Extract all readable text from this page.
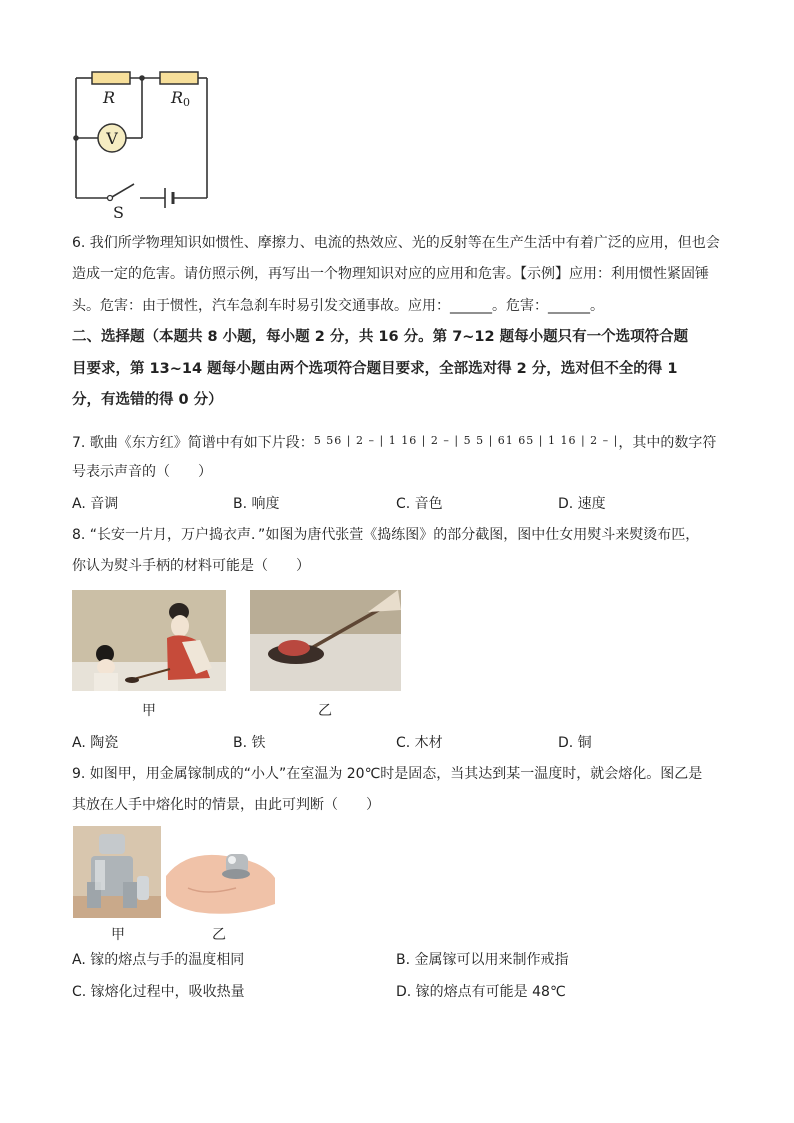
V
R	R0
S
6. 我们所学物理知识如惯性、摩擦力、电流的热效应、光的反射等在生产生活中有着广泛的应用，但也会
造成一定的危害。请仿照示例，再写出一个物理知识对应的应用和危害。【示例】应用：利用惯性紧固锤
头。危害：由于惯性，汽车急刹车时易引发交通事故。应用：______。危害：______。
二、选择题（本题共 8 小题，每小题 2 分，共 16 分。第 7~12 题每小题只有一个选项符合题
目要求，第 13~14 题每小题由两个选项符合题目要求，全部选对得 2 分，选对但不全的得 1
分，有选错的得 0 分）
7. 歌曲《东方红》简谱中有如下片段：$^{5 56 | 2 - | 1 16 | 2 - | 5 5 | 61 65 | 1 16 | 2 - |}$，其中的数字符
号表示声音的（　　）
A. 音调	B. 响度	C. 音色	D. 速度
8. “长安一片月，万户捣衣声．”如图为唐代张萱《捣练图》的部分截图，图中仕女用熨斗来熨烫布匹，
你认为熨斗手柄的材料可能是（　　）
甲	乙
A. 陶瓷	B. 铁	C. 木材	D. 铜
9. 如图甲，用金属镓制成的“小人”在室温为 20℃时是固态，当其达到某一温度时，就会熔化。图乙是
其放在人手中熔化时的情景，由此可判断（　　）
甲	乙
A. 镓的熔点与手的温度相同	B. 金属镓可以用来制作戒指
C. 镓熔化过程中，吸收热量	D. 镓的熔点有可能是 48℃
